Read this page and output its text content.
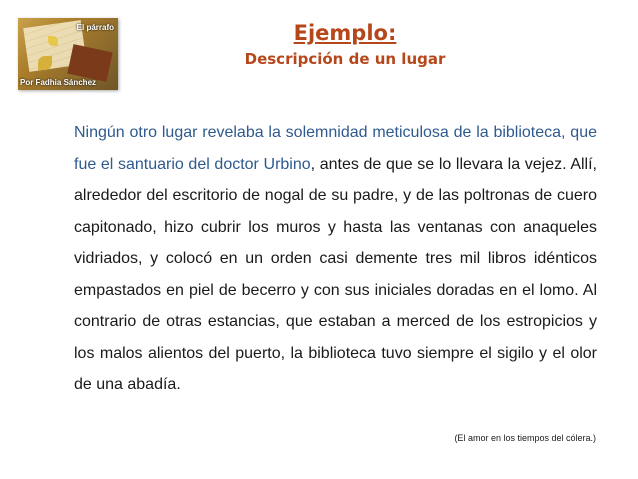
El párrafo
Por Fadhia Sánchez
Ejemplo:
Descripción de un lugar

Ningún otro lugar revelaba la solemnidad meticulosa de la biblioteca, que fue el santuario del doctor Urbino, antes de que se lo llevara la vejez. Allí, alrededor del escritorio de nogal de su padre, y de las poltronas de cuero capitonado, hizo cubrir los muros y hasta las ventanas con anaqueles vidriados, y colocó en un orden casi demente tres mil libros idénticos empastados en piel de becerro y con sus iniciales doradas en el lomo. Al contrario de otras estancias, que estaban a merced de los estropicios y los malos alientos del puerto, la biblioteca tuvo siempre el sigilo y el olor de una abadía.

(El amor en los tiempos del cólera.)
